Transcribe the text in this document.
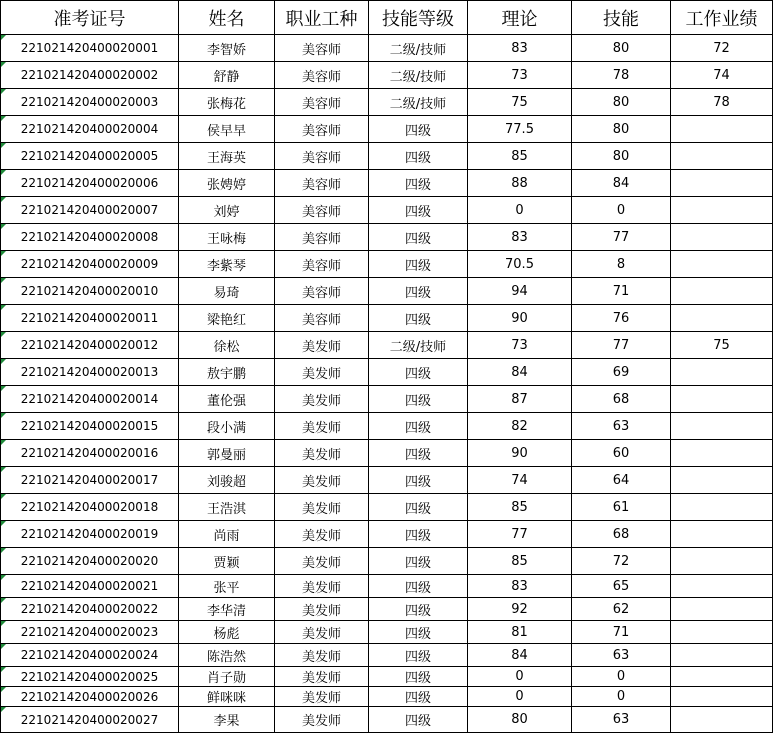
准考证号	姓名	职业工种	技能等级	理论	技能	工作业绩

221021420400020001	李智娇	美容师	二级/技师	83	80	72

221021420400020002	舒静	美容师	二级/技师	73	78	74

221021420400020003	张梅花	美容师	二级/技师	75	80	78

221021420400020004	侯早早	美容师	四级	77.5	80	

221021420400020005	王海英	美容师	四级	85	80	

221021420400020006	张娉婷	美容师	四级	88	84	

221021420400020007	刘婷	美容师	四级	0	0	

221021420400020008	王咏梅	美容师	四级	83	77	

221021420400020009	李紫琴	美容师	四级	70.5	8	

221021420400020010	易琦	美容师	四级	94	71	

221021420400020011	梁艳红	美容师	四级	90	76	

221021420400020012	徐松	美发师	二级/技师	73	77	75

221021420400020013	敖宇鹏	美发师	四级	84	69	

221021420400020014	董伦强	美发师	四级	87	68	

221021420400020015	段小满	美发师	四级	82	63	

221021420400020016	郭曼丽	美发师	四级	90	60	

221021420400020017	刘骏超	美发师	四级	74	64	

221021420400020018	王浩淇	美发师	四级	85	61	

221021420400020019	尚雨	美发师	四级	77	68	

221021420400020020	贾颖	美发师	四级	85	72	

221021420400020021	张平	美发师	四级	83	65	

221021420400020022	李华清	美发师	四级	92	62	

221021420400020023	杨彪	美发师	四级	81	71	

221021420400020024	陈浩然	美发师	四级	84	63	

221021420400020025	肖子勋	美发师	四级	0	0	

221021420400020026	鲜咪咪	美发师	四级	0	0	

221021420400020027	李果	美发师	四级	80	63	
